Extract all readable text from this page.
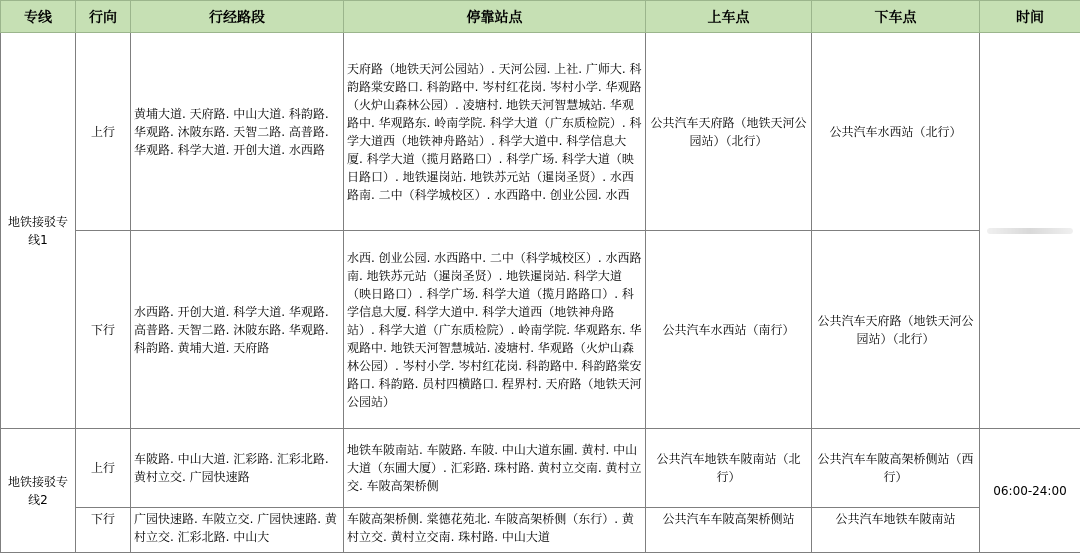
专线	行向	行经路段	停靠站点	上车点	下车点	时间
地铁接驳专线1	上行	黄埔大道. 天府路. 中山大道. 科韵路. 华观路. 沐陂东路. 天智二路. 高普路. 华观路. 科学大道. 开创大道. 水西路	天府路（地铁天河公园站）. 天河公园. 上社. 广师大. 科韵路棠安路口. 科韵路中. 岑村红花岗. 岑村小学. 华观路（火炉山森林公园）. 凌塘村. 地铁天河智慧城站. 华观路中. 华观路东. 岭南学院. 科学大道（广东质检院）. 科学大道西（地铁神舟路站）. 科学大道中. 科学信息大厦. 科学大道（揽月路路口）. 科学广场. 科学大道（映日路口）. 地铁暹岗站. 地铁苏元站（暹岗圣贤）. 水西路南. 二中（科学城校区）. 水西路中. 创业公园. 水西	公共汽车天府路（地铁天河公园站）（北行）	公共汽车水西站（北行）	

	下行	水西路. 开创大道. 科学大道. 华观路. 高普路. 天智二路. 沐陂东路. 华观路. 科韵路. 黄埔大道. 天府路	水西. 创业公园. 水西路中. 二中（科学城校区）. 水西路南. 地铁苏元站（暹岗圣贤）. 地铁暹岗站. 科学大道（映日路口）. 科学广场. 科学大道（揽月路路口）. 科学信息大厦. 科学大道中. 科学大道西（地铁神舟路站）. 科学大道（广东质检院）. 岭南学院. 华观路东. 华观路中. 地铁天河智慧城站. 凌塘村. 华观路（火炉山森林公园）. 岑村小学. 岑村红花岗. 科韵路中. 科韵路棠安路口. 科韵路. 员村四横路口. 程界村. 天府路（地铁天河公园站）	公共汽车水西站（南行）	公共汽车天府路（地铁天河公园站）（北行）	
地铁接驳专线2	上行	车陂路. 中山大道. 汇彩路. 汇彩北路. 黄村立交. 广园快速路	地铁车陂南站. 车陂路. 车陂. 中山大道东圃. 黄村. 中山大道（东圃大厦）. 汇彩路. 珠村路. 黄村立交南. 黄村立交. 车陂高架桥侧	公共汽车地铁车陂南站（北行）	公共汽车车陂高架桥侧站（西行）	06:00-24:00
	下行	广园快速路. 车陂立交. 广园快速路. 黄村立交. 汇彩北路. 中山大	车陂高架桥侧. 棠德花苑北. 车陂高架桥侧（东行）. 黄村立交. 黄村立交南. 珠村路. 中山大道	公共汽车车陂高架桥侧站	公共汽车地铁车陂南站	
